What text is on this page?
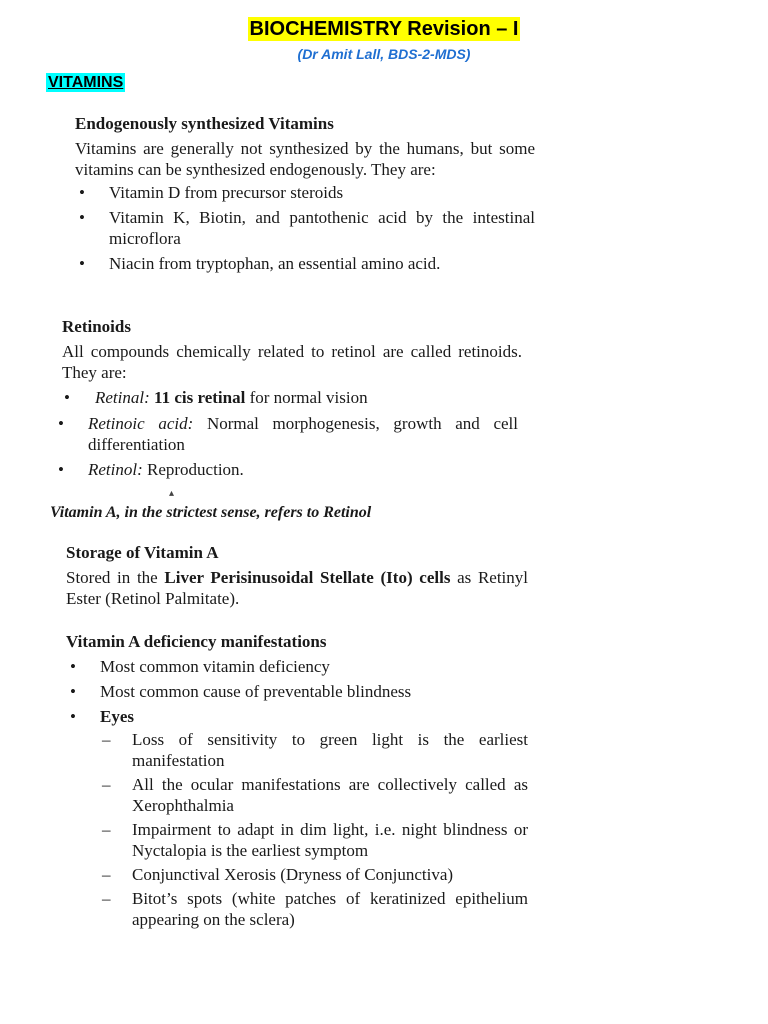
BIOCHEMISTRY Revision – I
(Dr Amit Lall, BDS-2-MDS)
VITAMINS
Endogenously synthesized Vitamins

Vitamins are generally not synthesized by the humans, but some vitamins can be synthesized endogenously. They are:

• Vitamin D from precursor steroids
• Vitamin K, Biotin, and pantothenic acid by the intestinal microflora
• Niacin from tryptophan, an essential amino acid.
Retinoids

All compounds chemically related to retinol are called retinoids. They are:

• Retinal: 11 cis retinal for normal vision
• Retinoic acid: Normal morphogenesis, growth and cell differentiation
• Retinol: Reproduction.
▴
Vitamin A, in the strictest sense, refers to Retinol
Storage of Vitamin A

Stored in the Liver Perisinusoidal Stellate (Ito) cells as Retinyl Ester (Retinol Palmitate).

Vitamin A deficiency manifestations
• Most common vitamin deficiency
• Most common cause of preventable blindness
• Eyes
– Loss of sensitivity to green light is the earliest manifestation
– All the ocular manifestations are collectively called as Xerophthalmia
– Impairment to adapt in dim light, i.e. night blindness or Nyctalopia is the earliest symptom
– Conjunctival Xerosis (Dryness of Conjunctiva)
– Bitot’s spots (white patches of keratinized epithelium appearing on the sclera)
